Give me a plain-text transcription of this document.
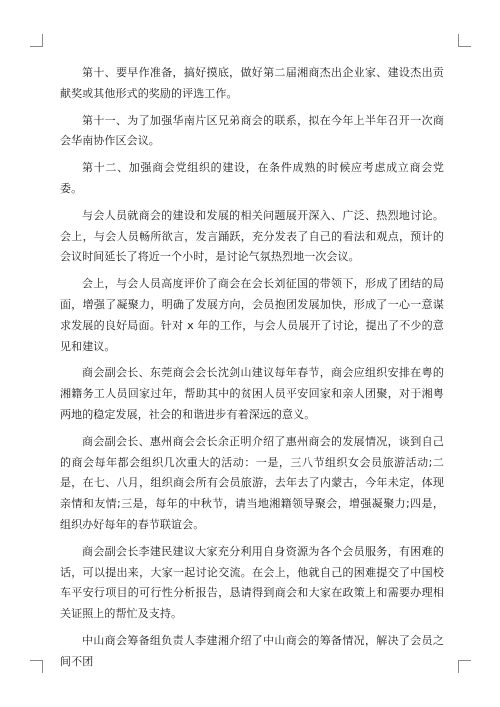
第十、要早作准备，搞好摸底，做好第二届湘商杰出企业家、建设杰出贡献奖或其他形式的奖励的评选工作。

第十一、为了加强华南片区兄弟商会的联系，拟在今年上半年召开一次商会华南协作区会议。

第十二、加强商会党组织的建设，在条件成熟的时候应考虑成立商会党委。

与会人员就商会的建设和发展的相关问题展开深入、广泛、热烈地讨论。会上，与会人员畅所欲言，发言踊跃，充分发表了自己的看法和观点，预计的会议时间延长了将近一个小时，是讨论气氛热烈地一次会议。

会上，与会人员高度评价了商会在会长刘征国的带领下，形成了团结的局面，增强了凝聚力，明确了发展方向，会员抱团发展加快，形成了一心一意谋求发展的良好局面。针对 x 年的工作，与会人员展开了讨论，提出了不少的意见和建议。

商会副会长、东莞商会会长沈剑山建议每年春节，商会应组织安排在粤的湘籍务工人员回家过年，帮助其中的贫困人员平安回家和亲人团聚，对于湘粤两地的稳定发展，社会的和谐进步有着深远的意义。

商会副会长、惠州商会会长余正明介绍了惠州商会的发展情况，谈到自己的商会每年都会组织几次重大的活动：一是，三八节组织女会员旅游活动;二是，在七、八月，组织商会所有会员旅游，去年去了内蒙古，今年未定，体现亲情和友情;三是，每年的中秋节，请当地湘籍领导聚会，增强凝聚力;四是，组织办好每年的春节联谊会。

商会副会长李建民建议大家充分利用自身资源为各个会员服务，有困难的话，可以提出来，大家一起讨论交流。在会上，他就自己的困难提交了中国校车平安行项目的可行性分析报告，恳请得到商会和大家在政策上和需要办理相关证照上的帮忙及支持。

中山商会筹备组负责人李建湘介绍了中山商会的筹备情况，解决了会员之间不团
